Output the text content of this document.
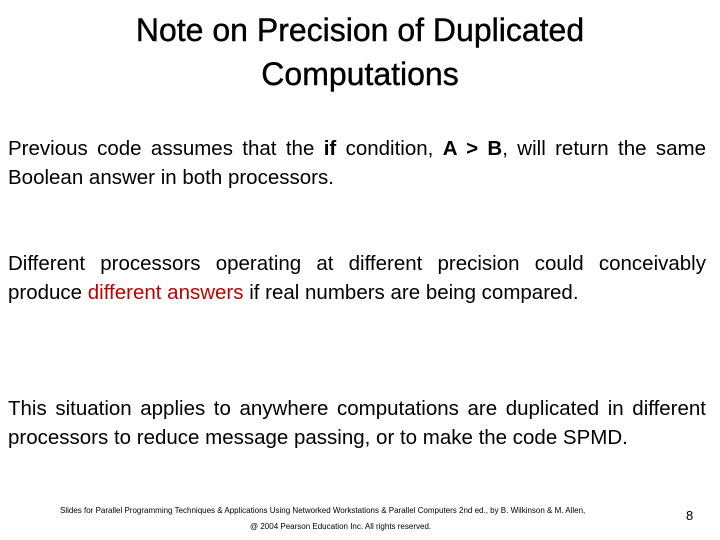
Note on Precision of Duplicated
Computations

Previous code assumes that the if condition, A > B, will return the same Boolean answer in both processors.

Different processors operating at different precision could conceivably produce different answers if real numbers are being compared.

This situation applies to anywhere computations are duplicated in different processors to reduce message passing, or to make the code SPMD.

Slides for Parallel Programming Techniques & Applications Using Networked Workstations & Parallel Computers 2nd ed., by B. Wilkinson & M. Allen,

@ 2004 Pearson Education Inc. All rights reserved.

8
